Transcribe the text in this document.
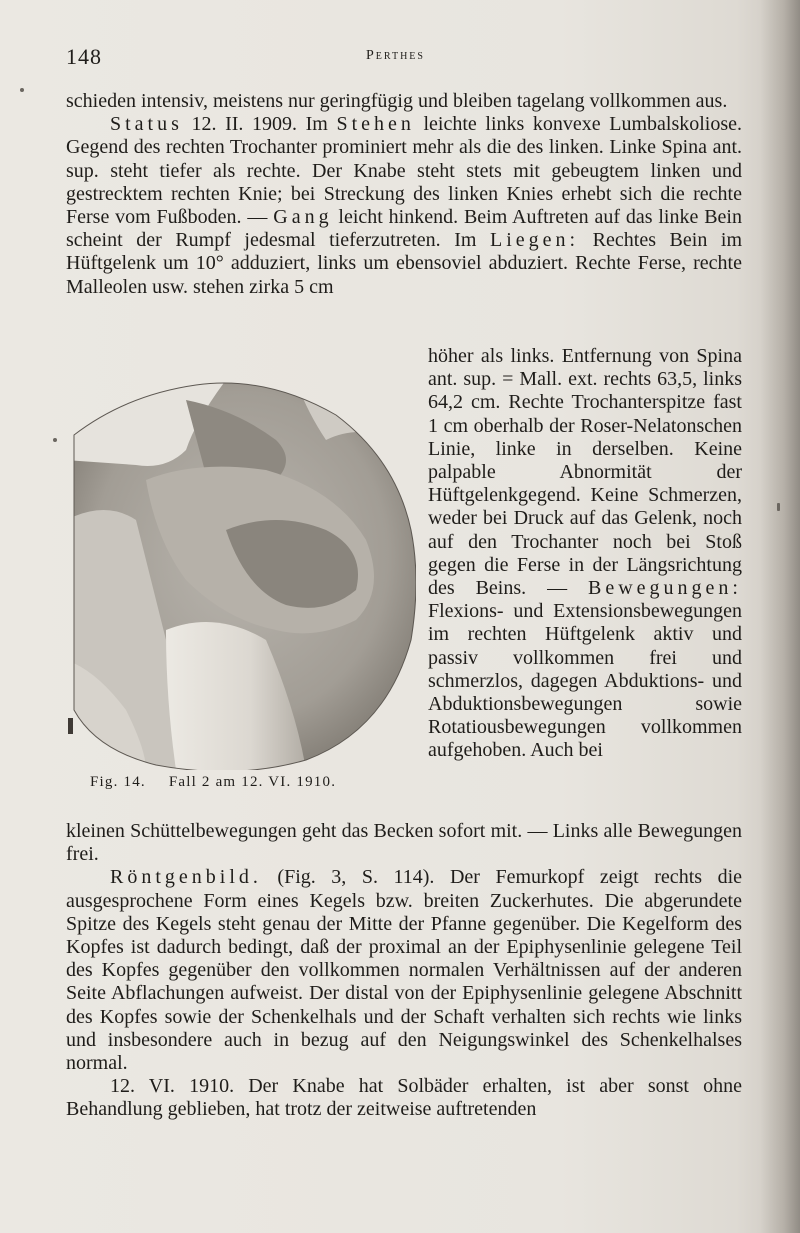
148	Perthes

schieden intensiv, meistens nur geringfügig und bleiben tagelang vollkommen aus.

Status 12. II. 1909. Im Stehen leichte links konvexe Lumbalskoliose. Gegend des rechten Trochanter prominiert mehr als die des linken. Linke Spina ant. sup. steht tiefer als rechte. Der Knabe steht stets mit gebeugtem linken und gestrecktem rechten Knie; bei Streckung des linken Knies erhebt sich die rechte Ferse vom Fußboden. — Gang leicht hinkend. Beim Auftreten auf das linke Bein scheint der Rumpf jedesmal tieferzutreten. Im Liegen: Rechtes Bein im Hüftgelenk um 10° adduziert, links um ebensoviel abduziert. Rechte Ferse, rechte Malleolen usw. stehen zirka 5 cm

Fig. 14. Fall 2 am 12. VI. 1910.

höher als links. Entfernung von Spina ant. sup. = Mall. ext. rechts 63,5, links 64,2 cm. Rechte Trochanterspitze fast 1 cm oberhalb der Roser-Nelatonschen Linie, linke in derselben. Keine palpable Abnormität der Hüftgelenkgegend. Keine Schmerzen, weder bei Druck auf das Gelenk, noch auf den Trochanter noch bei Stoß gegen die Ferse in der Längsrichtung des Beins. — Bewegungen: Flexions- und Extensionsbewegungen im rechten Hüftgelenk aktiv und passiv vollkommen frei und schmerzlos, dagegen Abduktions- und Abduktionsbewegungen sowie Rotatiousbewegungen vollkommen aufgehoben. Auch bei

kleinen Schüttelbewegungen geht das Becken sofort mit. — Links alle Bewegungen frei.

Röntgenbild. (Fig. 3, S. 114). Der Femurkopf zeigt rechts die ausgesprochene Form eines Kegels bzw. breiten Zuckerhutes. Die abgerundete Spitze des Kegels steht genau der Mitte der Pfanne gegenüber. Die Kegelform des Kopfes ist dadurch bedingt, daß der proximal an der Epiphysenlinie gelegene Teil des Kopfes gegenüber den vollkommen normalen Verhältnissen auf der anderen Seite Abflachungen aufweist. Der distal von der Epiphysenlinie gelegene Abschnitt des Kopfes sowie der Schenkelhals und der Schaft verhalten sich rechts wie links und insbesondere auch in bezug auf den Neigungswinkel des Schenkelhalses normal.

12. VI. 1910. Der Knabe hat Solbäder erhalten, ist aber sonst ohne Behandlung geblieben, hat trotz der zeitweise auftretenden
